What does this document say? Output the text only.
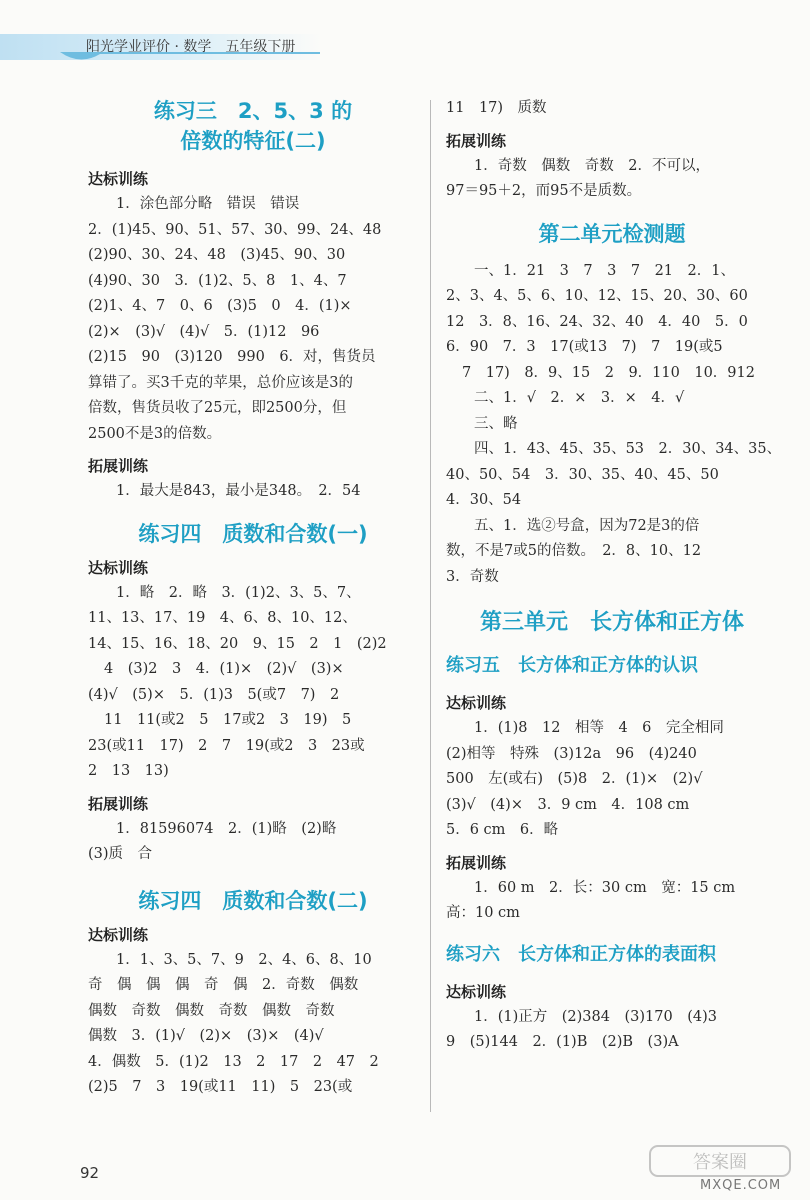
阳光学业评价 · 数学 五年级下册
练习三　2、5、3 的
倍数的特征(二)
达标训练
1．涂色部分略　错误　错误
2．(1)45、90、51、57、30、99、24、48
(2)90、30、24、48　(3)45、90、30
(4)90、30　3．(1)2、5、8　1、4、7
(2)1、4、7　0、6　(3)5　0　4．(1)×
(2)×　(3)√　(4)√　5．(1)12　96
(2)15　90　(3)120　990　6．对，售货员
算错了。买3千克的苹果，总价应该是3的
倍数，售货员收了25元，即2500分，但
2500不是3的倍数。
拓展训练
1．最大是843，最小是348。　2．54
练习四　质数和合数(一)
达标训练
1．略　2．略　3．(1)2、3、5、7、
11、13、17、19　4、6、8、10、12、
14、15、16、18、20　9、15　2　1　(2)2
4　(3)2　3　4．(1)×　(2)√　(3)×
(4)√　(5)×　5．(1)3　5(或7　7)　2
11　11(或2　5　17或2　3　19)　5
23(或11　17)　2　7　19(或2　3　23或
2　13　13)
拓展训练
1．81596074　2．(1)略　(2)略
(3)质　合
练习四　质数和合数(二)
达标训练
1．1、3、5、7、9　2、4、6、8、10
奇　偶　偶　偶　奇　偶　2．奇数　偶数
偶数　奇数　偶数　奇数　偶数　奇数
偶数　3．(1)√　(2)×　(3)×　(4)√
4．偶数　5．(1)2　13　2　17　2　47　2
(2)5　7　3　19(或11　11)　5　23(或
11　17)　质数
拓展训练
1．奇数　偶数　奇数　2．不可以，
97＝95＋2，而95不是质数。
第二单元检测题
一、1．21　3　7　3　7　21　2．1、
2、3、4、5、6、10、12、15、20、30、60
12　3．8、16、24、32、40　4．40　5．0
6．90　7．3　17(或13　7)　7　19(或5
7　17)　8．9、15　2　9．110　10．912
二、1．√　2．×　3．×　4．√
三、略
四、1．43、45、35、53　2．30、34、35、
40、50、54　3．30、35、40、45、50
4．30、54
五、1．选②号盒，因为72是3的倍
数，不是7或5的倍数。　2．8、10、12
3．奇数
第三单元　长方体和正方体
练习五　长方体和正方体的认识
达标训练
1．(1)8　12　相等　4　6　完全相同
(2)相等　特殊　(3)12a　96　(4)240
500　左(或右)　(5)8　2．(1)×　(2)√
(3)√　(4)×　3．9 cm　4．108 cm
5．6 cm　6．略
拓展训练
1．60 m　2．长：30 cm　宽：15 cm
高：10 cm
练习六　长方体和正方体的表面积
达标训练
1．(1)正方　(2)384　(3)170　(4)3
9　(5)144　2．(1)B　(2)B　(3)A
92	答案圈
MXQE.COM
